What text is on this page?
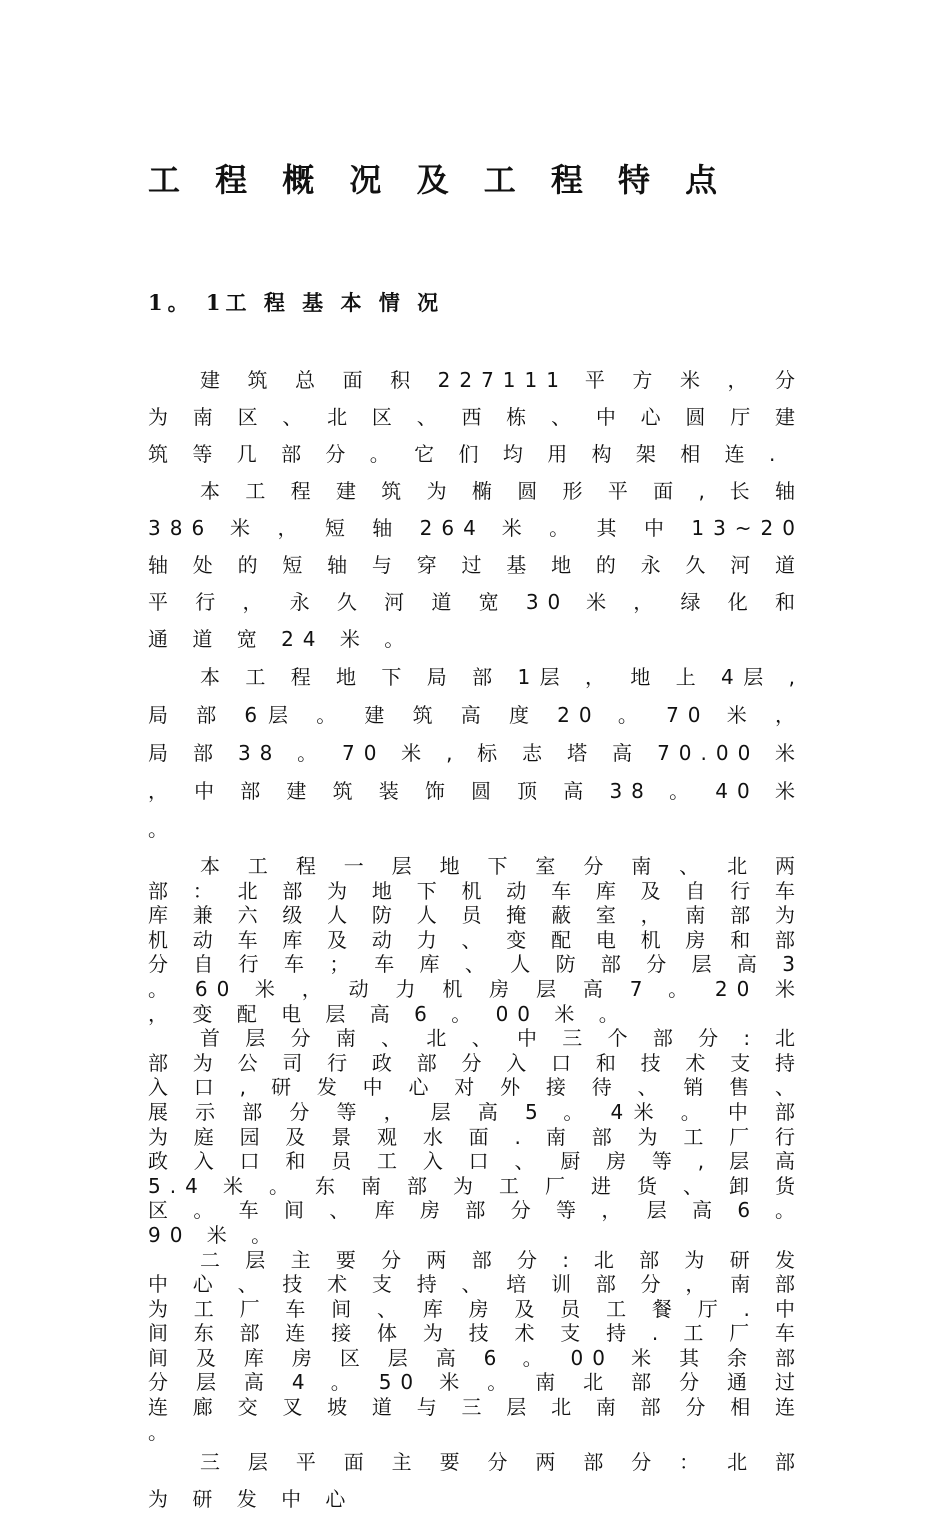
工 程 概 况 及 工 程 特 点
1。 1工 程 基 本 情 况

建 筑 总 面 积 227111 平 方 米 ， 分 为 南 区 、 北 区 、 西 栋 、 中 心 圆 厅 建 筑 等 几 部 分 。 它 们 均 用 构 架 相 连 .

本 工 程 建 筑 为 椭 圆 形 平 面 , 长 轴 386 米 ， 短 轴 264 米 。 其 中 13~20 轴 处 的 短 轴 与 穿 过 基 地 的 永 久 河 道 平 行 ， 永 久 河 道 宽 30 米 ， 绿 化 和 通 道 宽 24 米 。

本 工 程 地 下 局 部 1层 ， 地 上 4层 , 局 部 6层 。 建 筑 高 度 20 。 70 米 ， 局 部 38 。 70 米 , 标 志 塔 高 70.00 米 ， 中 部 建 筑 装 饰 圆 顶 高 38 。 40 米 。

本 工 程 一 层 地 下 室 分 南 、 北 两 部 ： 北 部 为 地 下 机 动 车 库 及 自 行 车 库 兼 六 级 人 防 人 员 掩 蔽 室 ， 南 部 为 机 动 车 库 及 动 力 、 变 配 电 机 房 和 部 分 自 行 车 ； 车 库 、 人 防 部 分 层 高 3 。 60 米 ， 动 力 机 房 层 高 7 。 20 米 ， 变 配 电 层 高 6 。 00 米 。

首 层 分 南 、 北 、 中 三 个 部 分 : 北 部 为 公 司 行 政 部 分 入 口 和 技 术 支 持 入 口 , 研 发 中 心 对 外 接 待 、 销 售 、 展 示 部 分 等 ， 层 高 5 。 4米 。 中 部 为 庭 园 及 景 观 水 面 . 南 部 为 工 厂 行 政 入 口 和 员 工 入 口 、 厨 房 等 , 层 高 5.4 米 。 东 南 部 为 工 厂 进 货 、 卸 货 区 。 车 间 、 库 房 部 分 等 ， 层 高 6 。 90 米 。

二 层 主 要 分 两 部 分 : 北 部 为 研 发 中 心 、 技 术 支 持 、 培 训 部 分 ， 南 部 为 工 厂 车 间 、 库 房 及 员 工 餐 厅 . 中 间 东 部 连 接 体 为 技 术 支 持 . 工 厂 车 间 及 库 房 区 层 高 6 。 00 米 其 余 部 分 层 高 4 。 50 米 。 南 北 部 分 通 过 连 廊 交 叉 坡 道 与 三 层 北 南 部 分 相 连 。

三 层 平 面 主 要 分 两 部 分 ： 北 部 为 研 发 中 心
